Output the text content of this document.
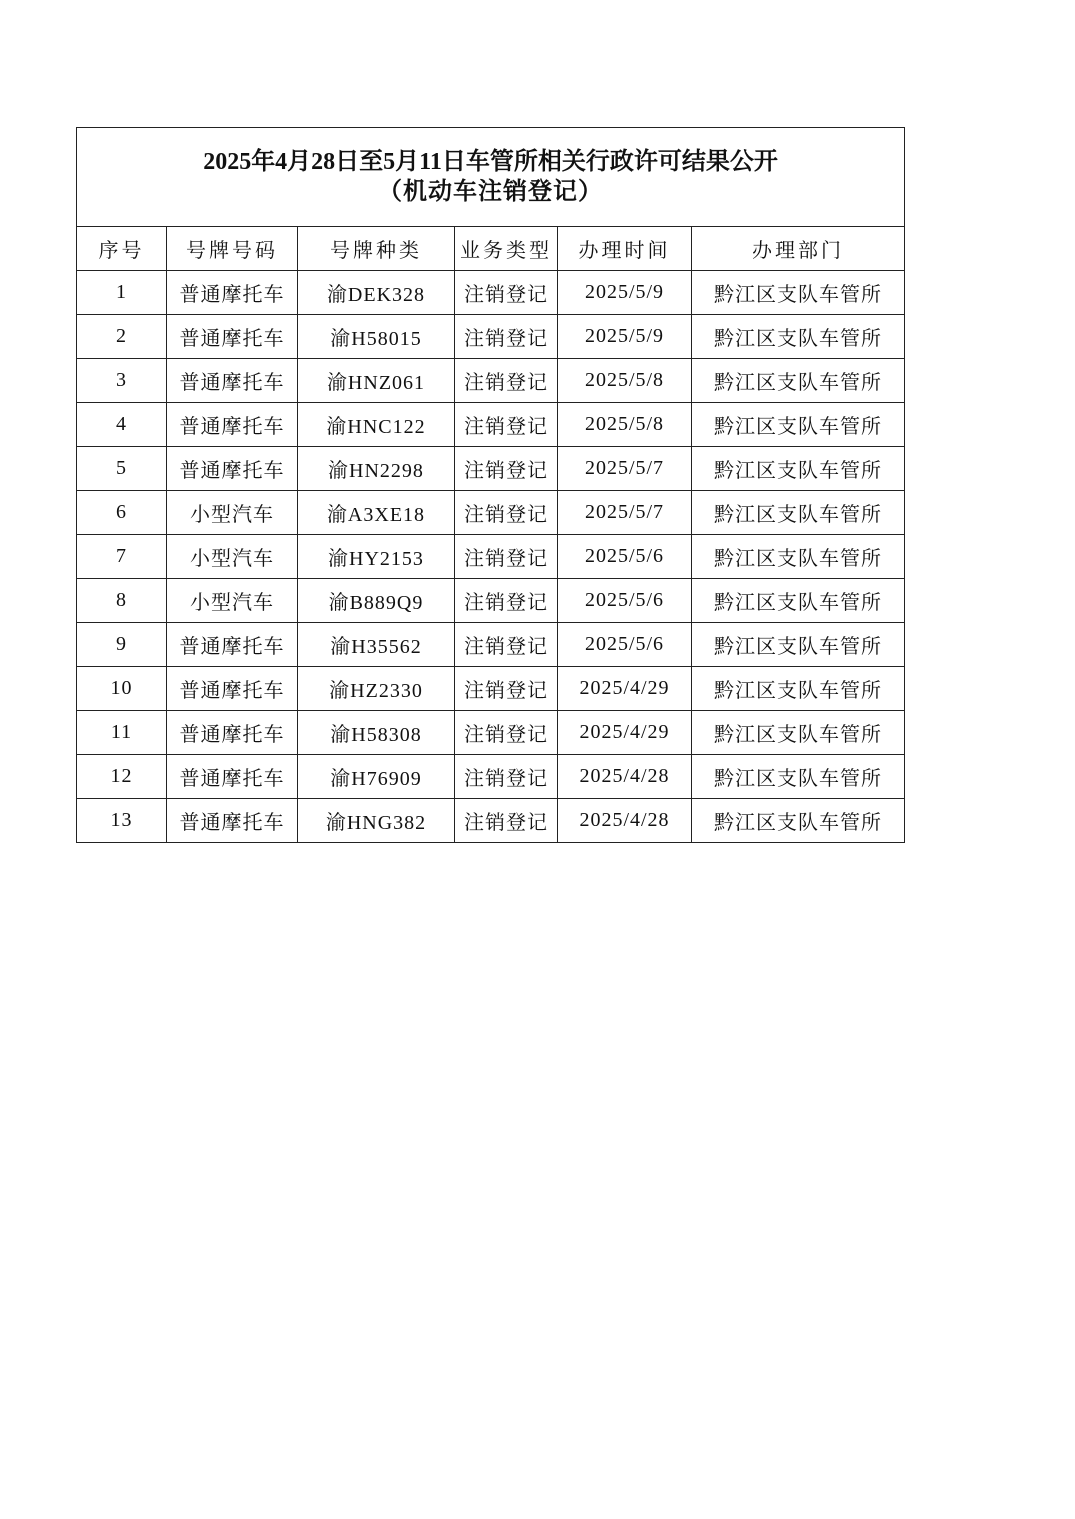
2025年4月28日至5月11日车管所相关行政许可结果公开
（机动车注销登记）					

序号	号牌号码	号牌种类	业务类型	办理时间	办理部门
1	普通摩托车	渝DEK328	注销登记	2025/5/9	黔江区支队车管所
2	普通摩托车	渝H58015	注销登记	2025/5/9	黔江区支队车管所
3	普通摩托车	渝HNZ061	注销登记	2025/5/8	黔江区支队车管所
4	普通摩托车	渝HNC122	注销登记	2025/5/8	黔江区支队车管所
5	普通摩托车	渝HN2298	注销登记	2025/5/7	黔江区支队车管所
6	小型汽车	渝A3XE18	注销登记	2025/5/7	黔江区支队车管所
7	小型汽车	渝HY2153	注销登记	2025/5/6	黔江区支队车管所
8	小型汽车	渝B889Q9	注销登记	2025/5/6	黔江区支队车管所
9	普通摩托车	渝H35562	注销登记	2025/5/6	黔江区支队车管所
10	普通摩托车	渝HZ2330	注销登记	2025/4/29	黔江区支队车管所
11	普通摩托车	渝H58308	注销登记	2025/4/29	黔江区支队车管所
12	普通摩托车	渝H76909	注销登记	2025/4/28	黔江区支队车管所
13	普通摩托车	渝HNG382	注销登记	2025/4/28	黔江区支队车管所
